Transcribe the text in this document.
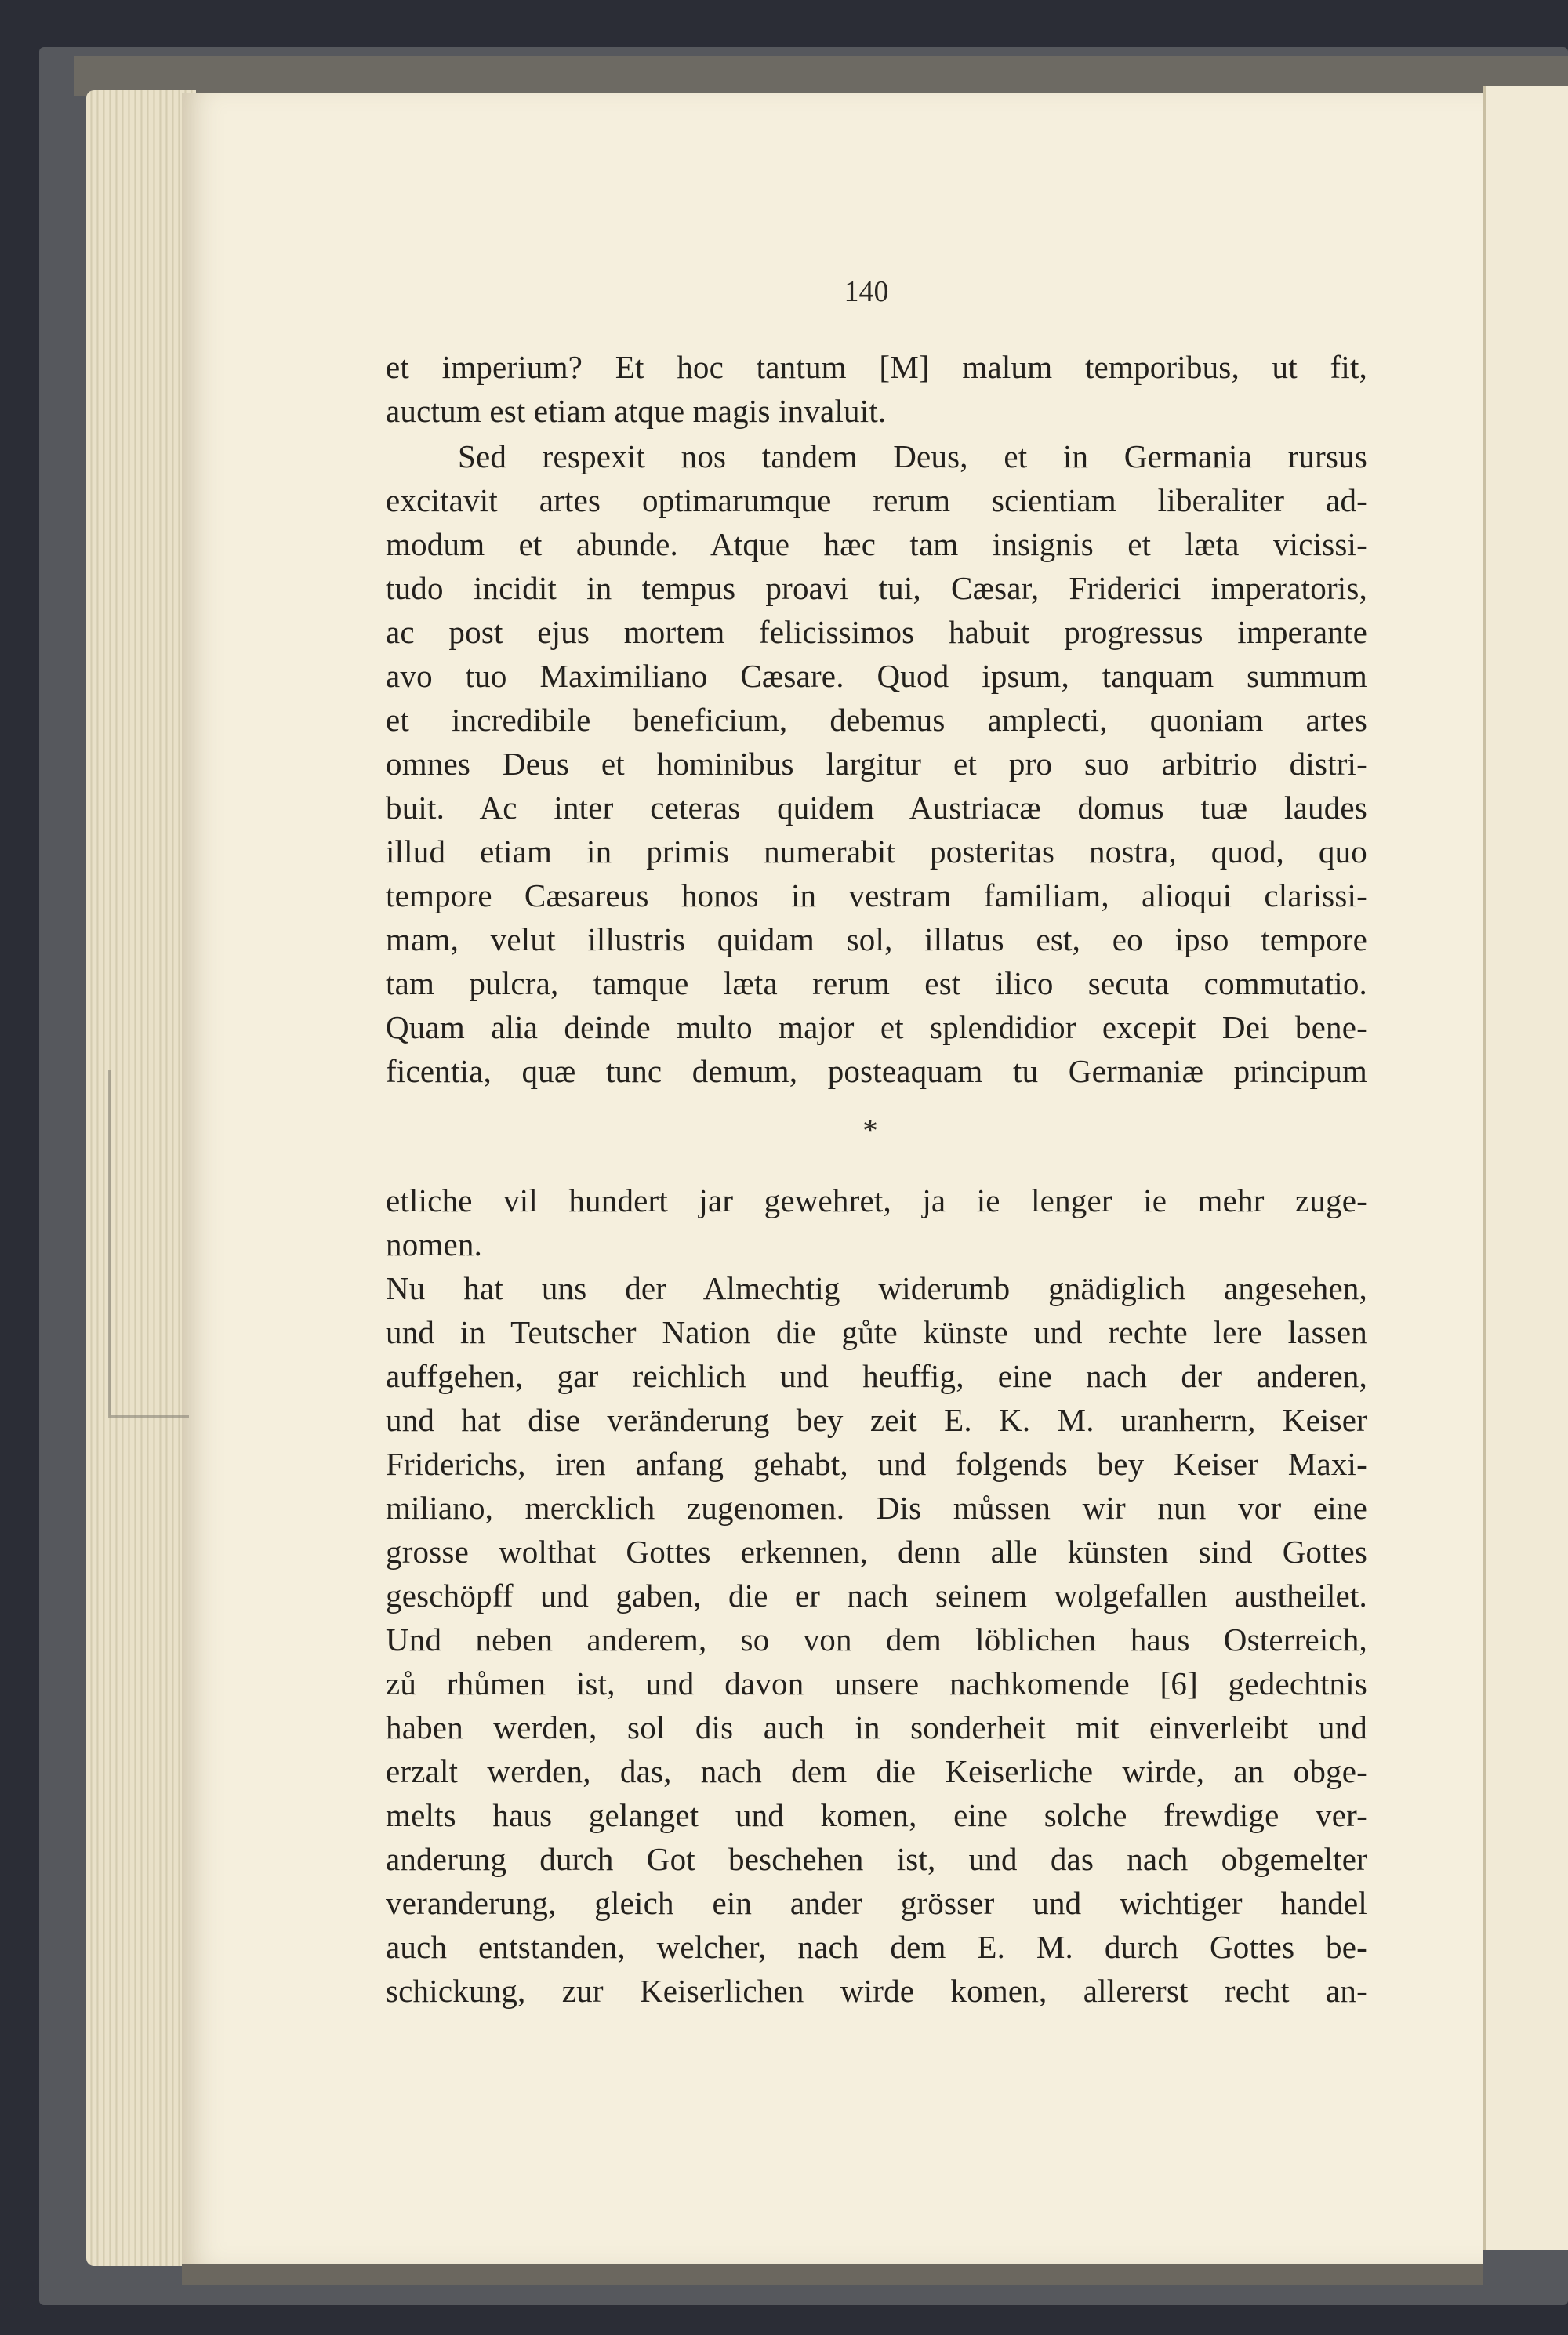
140
et imperium? Et hoc tantum [M] malum temporibus, ut fit,
auctum est etiam atque magis invaluit.
Sed respexit nos tandem Deus, et in Germania rursus
excitavit artes optimarumque rerum scientiam liberaliter ad-
modum et abunde. Atque hæc tam insignis et læta vicissi-
tudo incidit in tempus proavi tui, Cæsar, Friderici imperatoris,
ac post ejus mortem felicissimos habuit progressus imperante
avo tuo Maximiliano Cæsare. Quod ipsum, tanquam summum
et incredibile beneficium, debemus amplecti, quoniam artes
omnes Deus et hominibus largitur et pro suo arbitrio distri-
buit. Ac inter ceteras quidem Austriacæ domus tuæ laudes
illud etiam in primis numerabit posteritas nostra, quod, quo
tempore Cæsareus honos in vestram familiam, alioqui clarissi-
mam, velut illustris quidam sol, illatus est, eo ipso tempore
tam pulcra, tamque læta rerum est ilico secuta commutatio.
Quam alia deinde multo major et splendidior excepit Dei bene-
ficentia, quæ tunc demum, posteaquam tu Germaniæ principum
*
etliche vil hundert jar gewehret, ja ie lenger ie mehr zuge-
nomen.
Nu hat uns der Almechtig widerumb gnädiglich angesehen,
und in Teutscher Nation die gůte künste und rechte lere lassen
auffgehen, gar reichlich und heuffig, eine nach der anderen,
und hat dise veränderung bey zeit E. K. M. uranherrn, Keiser
Friderichs, iren anfang gehabt, und folgends bey Keiser Maxi-
miliano, mercklich zugenomen. Dis můssen wir nun vor eine
grosse wolthat Gottes erkennen, denn alle künsten sind Gottes
geschöpff und gaben, die er nach seinem wolgefallen austheilet.
Und neben anderem, so von dem löblichen haus Osterreich,
zů rhůmen ist, und davon unsere nachkomende [6] gedechtnis
haben werden, sol dis auch in sonderheit mit einverleibt und
erzalt werden, das, nach dem die Keiserliche wirde, an obge-
melts haus gelanget und komen, eine solche frewdige ver-
anderung durch Got beschehen ist, und das nach obgemelter
veranderung, gleich ein ander grösser und wichtiger handel
auch entstanden, welcher, nach dem E. M. durch Gottes be-
schickung, zur Keiserlichen wirde komen, allererst recht an-
